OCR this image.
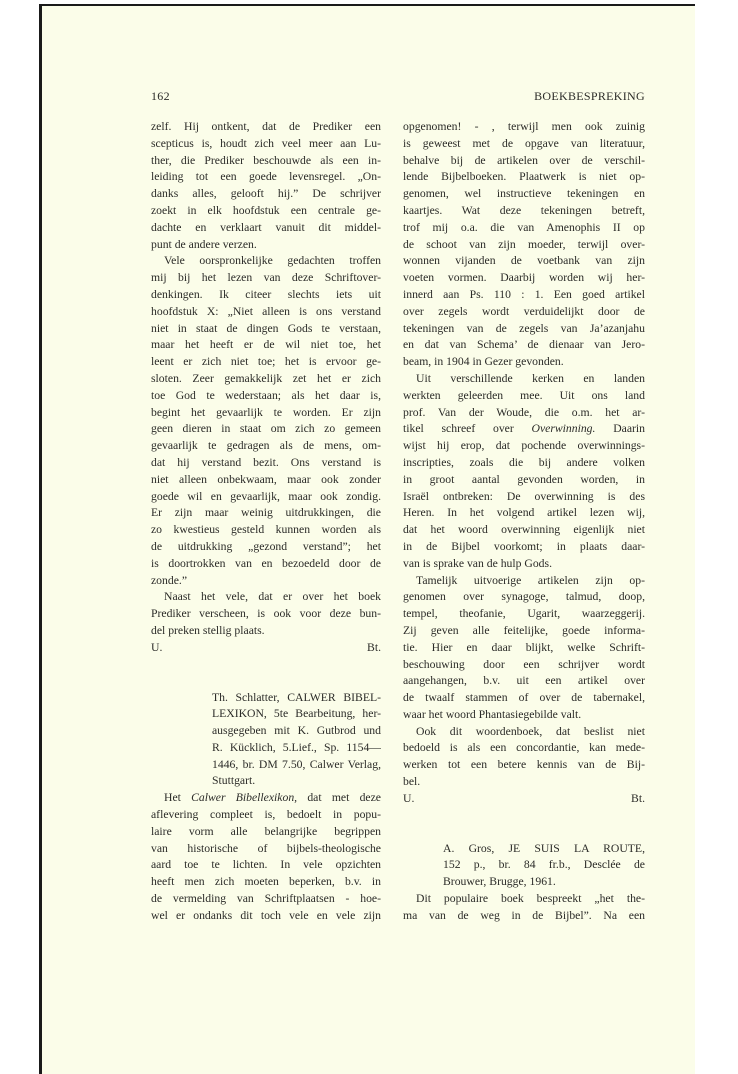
162	BOEKBESPREKING
zelf. Hij ontkent, dat de Prediker een
scepticus is, houdt zich veel meer aan Lu-
ther, die Prediker beschouwde als een in-
leiding tot een goede levensregel. „On-
danks alles, gelooft hij.” De schrijver
zoekt in elk hoofdstuk een centrale ge-
dachte en verklaart vanuit dit middel-
punt de andere verzen.
Vele oorspronkelijke gedachten troffen
mij bij het lezen van deze Schriftover-
denkingen. Ik citeer slechts iets uit
hoofdstuk X: „Niet alleen is ons verstand
niet in staat de dingen Gods te verstaan,
maar het heeft er de wil niet toe, het
leent er zich niet toe; het is ervoor ge-
sloten. Zeer gemakkelijk zet het er zich
toe God te wederstaan; als het daar is,
begint het gevaarlijk te worden. Er zijn
geen dieren in staat om zich zo gemeen
gevaarlijk te gedragen als de mens, om-
dat hij verstand bezit. Ons verstand is
niet alleen onbekwaam, maar ook zonder
goede wil en gevaarlijk, maar ook zondig.
Er zijn maar weinig uitdrukkingen, die
zo kwestieus gesteld kunnen worden als
de uitdrukking „gezond verstand”; het
is doortrokken van en bezoedeld door de
zonde.”
Naast het vele, dat er over het boek
Prediker verscheen, is ook voor deze bun-
del preken stellig plaats.
U.	Bt.
Th. Schlatter, CALWER BIBEL-
LEXIKON, 5te Bearbeitung, her-
ausgegeben mit K. Gutbrod und
R. Kücklich, 5.Lief., Sp. 1154—
1446, br. DM 7.50, Calwer Verlag,
Stuttgart.
Het Calwer Bibellexikon, dat met deze
aflevering compleet is, bedoelt in popu-
laire vorm alle belangrijke begrippen
van historische of bijbels-theologische
aard toe te lichten. In vele opzichten
heeft men zich moeten beperken, b.v. in
de vermelding van Schriftplaatsen - hoe-
wel er ondanks dit toch vele en vele zijn
opgenomen! - , terwijl men ook zuinig
is geweest met de opgave van literatuur,
behalve bij de artikelen over de verschil-
lende Bijbelboeken. Plaatwerk is niet op-
genomen, wel instructieve tekeningen en
kaartjes. Wat deze tekeningen betreft,
trof mij o.a. die van Amenophis II op
de schoot van zijn moeder, terwijl over-
wonnen vijanden de voetbank van zijn
voeten vormen. Daarbij worden wij her-
innerd aan Ps. 110 : 1. Een goed artikel
over zegels wordt verduidelijkt door de
tekeningen van de zegels van Ja’azanjahu
en dat van Schema’ de dienaar van Jero-
beam, in 1904 in Gezer gevonden.
Uit verschillende kerken en landen
werkten geleerden mee. Uit ons land
prof. Van der Woude, die o.m. het ar-
tikel schreef over Overwinning. Daarin
wijst hij erop, dat pochende overwinnings-
inscripties, zoals die bij andere volken
in groot aantal gevonden worden, in
Israël ontbreken: De overwinning is des
Heren. In het volgend artikel lezen wij,
dat het woord overwinning eigenlijk niet
in de Bijbel voorkomt; in plaats daar-
van is sprake van de hulp Gods.
Tamelijk uitvoerige artikelen zijn op-
genomen over synagoge, talmud, doop,
tempel, theofanie, Ugarit, waarzeggerij.
Zij geven alle feitelijke, goede informa-
tie. Hier en daar blijkt, welke Schrift-
beschouwing door een schrijver wordt
aangehangen, b.v. uit een artikel over
de twaalf stammen of over de tabernakel,
waar het woord Phantasiegebilde valt.
Ook dit woordenboek, dat beslist niet
bedoeld is als een concordantie, kan mede-
werken tot een betere kennis van de Bij-
bel.
U.	Bt.
A. Gros, JE SUIS LA ROUTE,
152 p., br. 84 fr.b., Desclée de
Brouwer, Brugge, 1961.
Dit populaire boek bespreekt „het the-
ma van de weg in de Bijbel”. Na een
